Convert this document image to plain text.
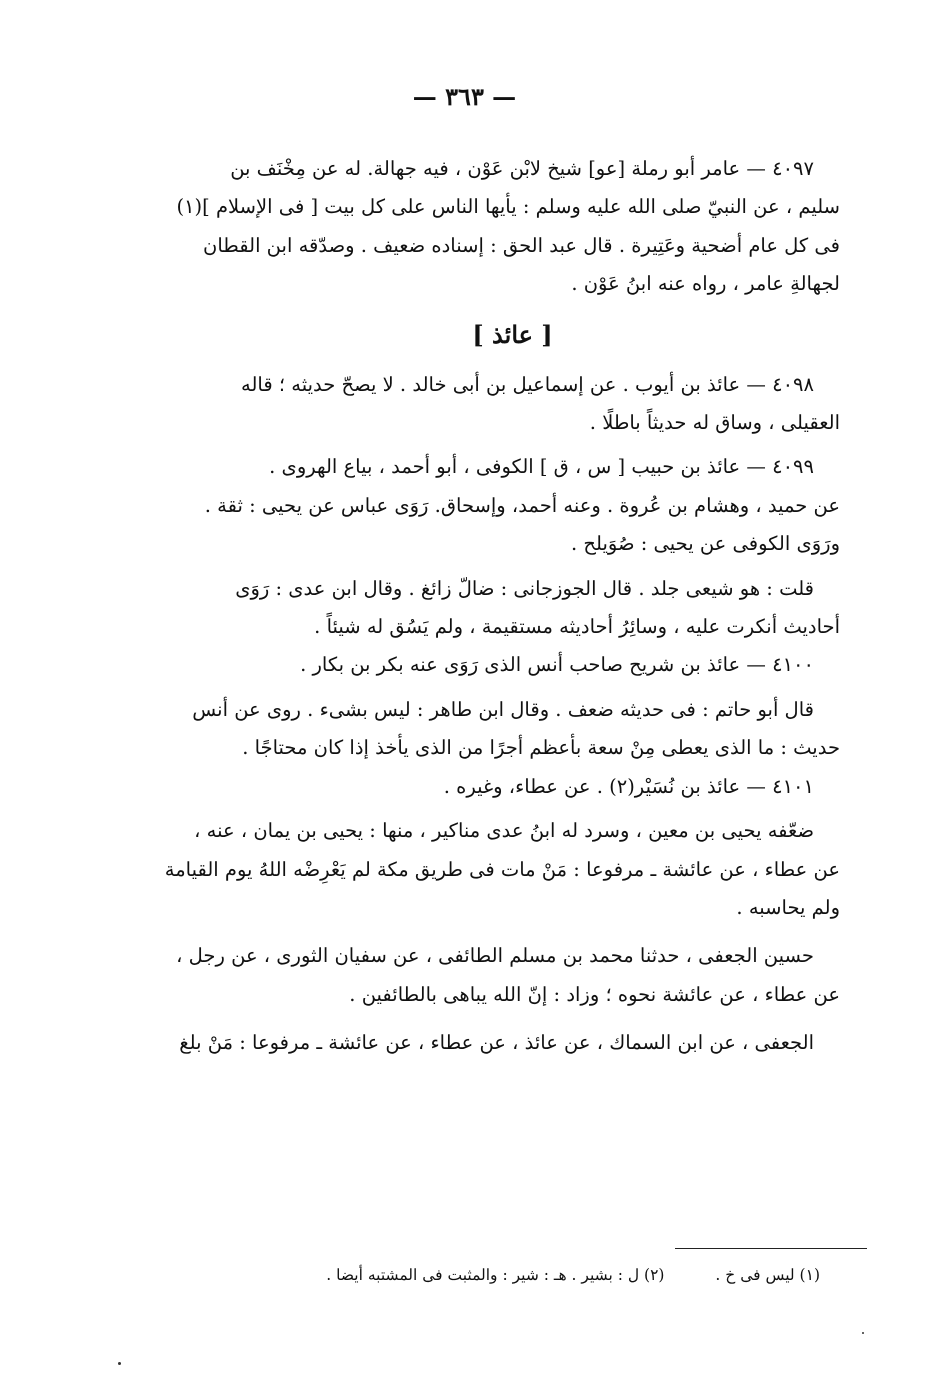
— ٣٦٣ —
٤٠٩٧ — عامر أبو رملة [عو] شيخ لابْن عَوْن ، فيه جهالة. له عن مِخْنَف بن
سليم ، عن النبيّ صلى الله عليه وسلم : يأيها الناس على كل بيت [ فى الإسلام ](١)
فى كل عام أضحية وعَتِيرة . قال عبد الحق : إسناده ضعيف . وصدّقه ابن القطان
لجهالةِ عامر ، رواه عنه ابنُ عَوْن .
[ عائذ ]
٤٠٩٨ — عائذ بن أيوب . عن إسماعيل بن أبى خالد . لا يصحّ حديثه ؛ قاله
العقيلى ، وساق له حديثاً باطلًا .
٤٠٩٩ — عائذ بن حبيب [ س ، ق ] الكوفى ، أبو أحمد ، بياع الهروى .
عن حميد ، وهشام بن عُروة . وعنه أحمد، وإسحاق. رَوَى عباس عن يحيى : ثقة .
ورَوَى الكوفى عن يحيى : صُوَيلح .
قلت : هو شيعى جلد . قال الجوزجانى : ضالّ زائغ . وقال ابن عدى : رَوَى
أحاديث أنكرت عليه ، وسائِرُ أحاديثه مستقيمة ، ولم يَسُق له شيئاً .
٤١٠٠ — عائذ بن شريح صاحب أنس الذى رَوَى عنه بكر بن بكار .
قال أبو حاتم : فى حديثه ضعف . وقال ابن طاهر : ليس بشىء . روى عن أنس
حديث : ما الذى يعطى مِنْ سعة بأعظم أجرًا من الذى يأخذ إذا كان محتاجًا .
٤١٠١ — عائذ بن نُسَيْر(٢) . عن عطاء، وغيره .
ضعّفه يحيى بن معين ، وسرد له ابنُ عدى مناكير ، منها : يحيى بن يمان ، عنه ،
عن عطاء ، عن عائشة ـ مرفوعا : مَنْ مات فى طريق مكة لم يَعْرِضْه اللهُ يوم القيامة
ولم يحاسبه .
حسين الجعفى ، حدثنا محمد بن مسلم الطائفى ، عن سفيان الثورى ، عن رجل ،
عن عطاء ، عن عائشة نحوه ؛ وزاد : إنّ الله يباهى بالطائفين .
الجعفى ، عن ابن السماك ، عن عائذ ، عن عطاء ، عن عائشة ـ مرفوعا : مَنْ بلغ
(١) ليس فى خ . (٢) ل : بشير . هـ : شير : والمثبت فى المشتبه أيضا .
